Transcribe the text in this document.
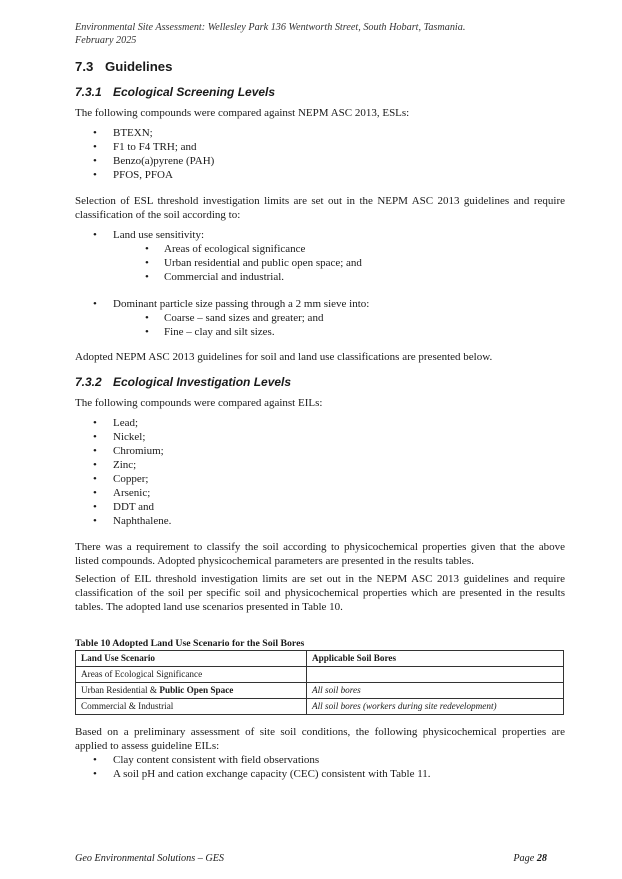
Environmental Site Assessment: Wellesley Park 136 Wentworth Street, South Hobart, Tasmania.
February 2025
7.3 Guidelines
7.3.1 Ecological Screening Levels
The following compounds were compared against NEPM ASC 2013, ESLs:
• BTEXN;
• F1 to F4 TRH; and
• Benzo(a)pyrene (PAH)
• PFOS, PFOA
Selection of ESL threshold investigation limits are set out in the NEPM ASC 2013 guidelines and require classification of the soil according to:
• Land use sensitivity:
• Areas of ecological significance
• Urban residential and public open space; and
• Commercial and industrial.
• Dominant particle size passing through a 2 mm sieve into:
• Coarse – sand sizes and greater; and
• Fine – clay and silt sizes.
Adopted NEPM ASC 2013 guidelines for soil and land use classifications are presented below.
7.3.2 Ecological Investigation Levels
The following compounds were compared against EILs:
• Lead;
• Nickel;
• Chromium;
• Zinc;
• Copper;
• Arsenic;
• DDT and
• Naphthalene.
There was a requirement to classify the soil according to physicochemical properties given that the above listed compounds. Adopted physicochemical parameters are presented in the results tables.
Selection of EIL threshold investigation limits are set out in the NEPM ASC 2013 guidelines and require classification of the soil per specific soil and physicochemical properties which are presented in the results tables. The adopted land use scenarios presented in Table 10.
Table 10 Adopted Land Use Scenario for the Soil Bores
Land Use Scenario	Applicable Soil Bores
Areas of Ecological Significance	
Urban Residential & Public Open Space	All soil bores
Commercial & Industrial	All soil bores (workers during site redevelopment)
Based on a preliminary assessment of site soil conditions, the following physicochemical properties are applied to assess guideline EILs:
• Clay content consistent with field observations
• A soil pH and cation exchange capacity (CEC) consistent with Table 11.
Geo Environmental Solutions – GES	Page 28
